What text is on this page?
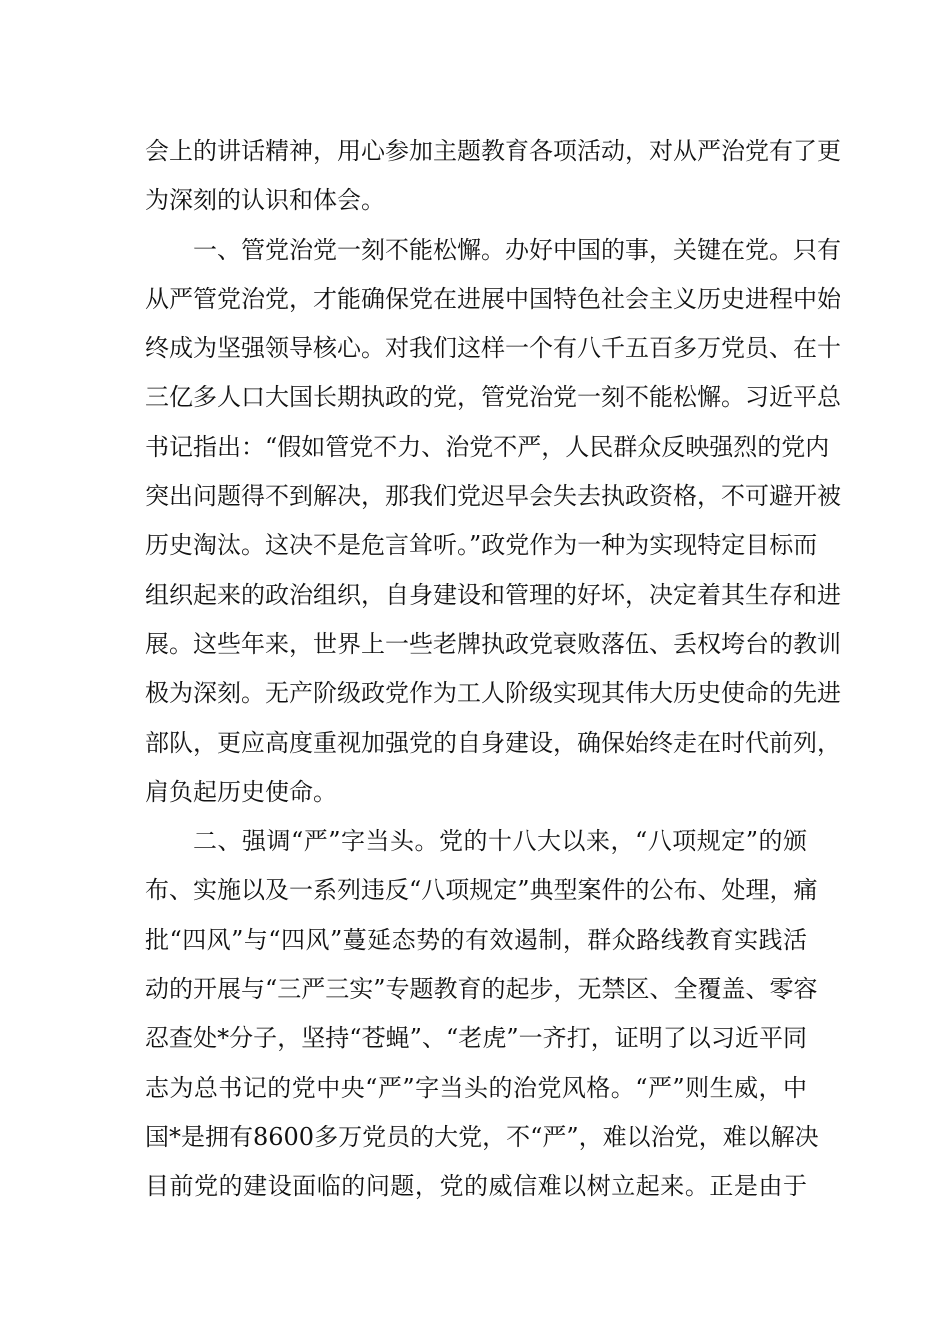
会上的讲话精神，用心参加主题教育各项活动，对从严治党有了更
为深刻的认识和体会。
一、管党治党一刻不能松懈。办好中国的事，关键在党。只有
从严管党治党，才能确保党在进展中国特色社会主义历史进程中始
终成为坚强领导核心。对我们这样一个有八千五百多万党员、在十
三亿多人口大国长期执政的党，管党治党一刻不能松懈。习近平总
书记指出：“假如管党不力、治党不严，人民群众反映强烈的党内
突出问题得不到解决，那我们党迟早会失去执政资格，不可避开被
历史淘汰。这决不是危言耸听。”政党作为一种为实现特定目标而
组织起来的政治组织，自身建设和管理的好坏，决定着其生存和进
展。这些年来，世界上一些老牌执政党衰败落伍、丢权垮台的教训
极为深刻。无产阶级政党作为工人阶级实现其伟大历史使命的先进
部队，更应高度重视加强党的自身建设，确保始终走在时代前列，
肩负起历史使命。
二、强调“严”字当头。党的十八大以来，“八项规定”的颁
布、实施以及一系列违反“八项规定”典型案件的公布、处理，痛
批“四风”与“四风”蔓延态势的有效遏制，群众路线教育实践活
动的开展与“三严三实”专题教育的起步，无禁区、全覆盖、零容
忍查处*分子，坚持“苍蝇”、“老虎”一齐打，证明了以习近平同
志为总书记的党中央“严”字当头的治党风格。“严”则生威，中
国*是拥有8600多万党员的大党，不“严”，难以治党，难以解决
目前党的建设面临的问题，党的威信难以树立起来。正是由于
